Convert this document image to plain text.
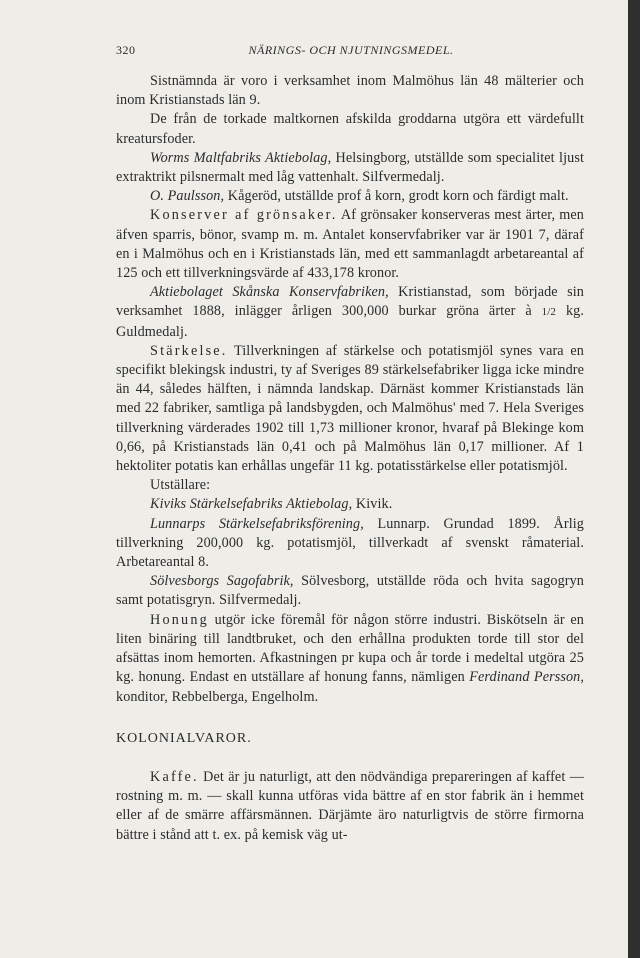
320	NÄRINGS- OCH NJUTNINGSMEDEL.

Sistnämnda är voro i verksamhet inom Malmöhus län 48 mälterier och inom Kristianstads län 9.

De från de torkade maltkornen afskilda groddarna utgöra ett värdefullt kreatursfoder.

Worms Maltfabriks Aktiebolag, Helsingborg, utställde som specialitet ljust extraktrikt pilsnermalt med låg vattenhalt. Silfvermedalj.

O. Paulsson, Kågeröd, utställde prof å korn, grodt korn och färdigt malt.

Konserver af grönsaker. Af grönsaker konserveras mest ärter, men äfven sparris, bönor, svamp m. m. Antalet konservfabriker var är 1901 7, däraf en i Malmöhus och en i Kristianstads län, med ett sammanlagdt arbetareantal af 125 och ett tillverkningsvärde af 433,178 kronor.

Aktiebolaget Skånska Konservfabriken, Kristianstad, som började sin verksamhet 1888, inlägger årligen 300,000 burkar gröna ärter à 1/2 kg. Guldmedalj.

Stärkelse. Tillverkningen af stärkelse och potatismjöl synes vara en specifikt blekingsk industri, ty af Sveriges 89 stärkelsefabriker ligga icke mindre än 44, således hälften, i nämnda landskap. Därnäst kommer Kristianstads län med 22 fabriker, samtliga på landsbygden, och Malmöhus' med 7. Hela Sveriges tillverkning värderades 1902 till 1,73 millioner kronor, hvaraf på Blekinge kom 0,66, på Kristianstads län 0,41 och på Malmöhus län 0,17 millioner. Af 1 hektoliter potatis kan erhållas ungefär 11 kg. potatisstärkelse eller potatismjöl.

Utställare:

Kiviks Stärkelsefabriks Aktiebolag, Kivik.

Lunnarps Stärkelsefabriksförening, Lunnarp. Grundad 1899. Årlig tillverkning 200,000 kg. potatismjöl, tillverkadt af svenskt råmaterial. Arbetareantal 8.

Sölvesborgs Sagofabrik, Sölvesborg, utställde röda och hvita sagogryn samt potatisgryn. Silfvermedalj.

Honung utgör icke föremål för någon större industri. Biskötseln är en liten binäring till landtbruket, och den erhållna produkten torde till stor del afsättas inom hemorten. Afkastningen pr kupa och år torde i medeltal utgöra 25 kg. honung. Endast en utställare af honung fanns, nämligen Ferdinand Persson, konditor, Rebbelberga, Engelholm.

KOLONIALVAROR.

Kaffe. Det är ju naturligt, att den nödvändiga prepareringen af kaffet — rostning m. m. — skall kunna utföras vida bättre af en stor fabrik än i hemmet eller af de smärre affärsmännen. Därjämte äro naturligtvis de större firmorna bättre i stånd att t. ex. på kemisk väg ut-
